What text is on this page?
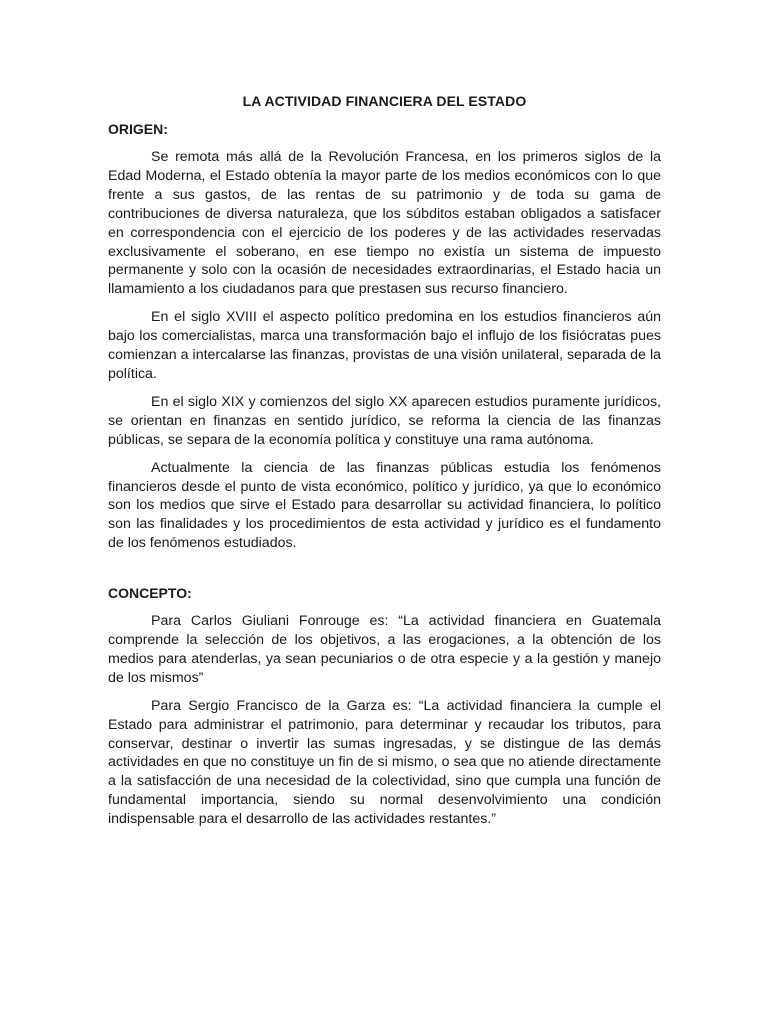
LA ACTIVIDAD FINANCIERA DEL ESTADO
ORIGEN:

Se remota más allá de la Revolución Francesa, en los primeros siglos de la Edad Moderna, el Estado obtenía la mayor parte de los medios económicos con lo que frente a sus gastos, de las rentas de su patrimonio y de toda su gama de contribuciones de diversa naturaleza, que los súbditos estaban obligados a satisfacer en correspondencia con el ejercicio de los poderes y de las actividades reservadas exclusivamente el soberano, en ese tiempo no existía un sistema de impuesto permanente y solo con la ocasión de necesidades extraordinarias, el Estado hacia un llamamiento a los ciudadanos para que prestasen sus recurso financiero.

En el siglo XVIII el aspecto político predomina en los estudios financieros aún bajo los comercialistas, marca una transformación bajo el influjo de los fisiócratas pues comienzan a intercalarse las finanzas, provistas de una visión unilateral, separada de la política.

En el siglo XIX y comienzos del siglo XX aparecen estudios puramente jurídicos, se orientan en finanzas en sentido jurídico, se reforma la ciencia de las finanzas públicas, se separa de la economía política y constituye una rama autónoma.

Actualmente la ciencia de las finanzas públicas estudia los fenómenos financieros desde el punto de vista económico, político y jurídico, ya que lo económico son los medios que sirve el Estado para desarrollar su actividad financiera, lo político son las finalidades y los procedimientos de esta actividad y jurídico es el fundamento de los fenómenos estudiados.

CONCEPTO:

Para Carlos Giuliani Fonrouge es: “La actividad financiera en Guatemala comprende la selección de los objetivos, a las erogaciones, a la obtención de los medios para atenderlas, ya sean pecuniarios o de otra especie y a la gestión y manejo de los mismos”

Para Sergio Francisco de la Garza es: “La actividad financiera la cumple el Estado para administrar el patrimonio, para determinar y recaudar los tributos, para conservar, destinar o invertir las sumas ingresadas, y se distingue de las demás actividades en que no constituye un fin de si mismo, o sea que no atiende directamente a la satisfacción de una necesidad de la colectividad, sino que cumpla una función de fundamental importancia, siendo su normal desenvolvimiento una condición indispensable para el desarrollo de las actividades restantes.”
